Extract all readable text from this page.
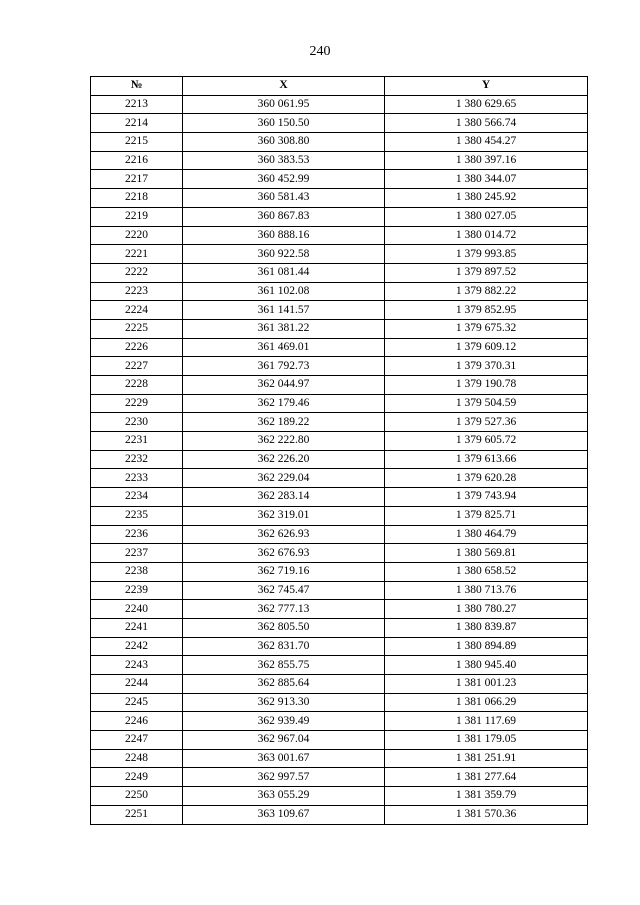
240
№	X	Y
2213	360 061.95	1 380 629.65
2214	360 150.50	1 380 566.74
2215	360 308.80	1 380 454.27
2216	360 383.53	1 380 397.16
2217	360 452.99	1 380 344.07
2218	360 581.43	1 380 245.92
2219	360 867.83	1 380 027.05
2220	360 888.16	1 380 014.72
2221	360 922.58	1 379 993.85
2222	361 081.44	1 379 897.52
2223	361 102.08	1 379 882.22
2224	361 141.57	1 379 852.95
2225	361 381.22	1 379 675.32
2226	361 469.01	1 379 609.12
2227	361 792.73	1 379 370.31
2228	362 044.97	1 379 190.78
2229	362 179.46	1 379 504.59
2230	362 189.22	1 379 527.36
2231	362 222.80	1 379 605.72
2232	362 226.20	1 379 613.66
2233	362 229.04	1 379 620.28
2234	362 283.14	1 379 743.94
2235	362 319.01	1 379 825.71
2236	362 626.93	1 380 464.79
2237	362 676.93	1 380 569.81
2238	362 719.16	1 380 658.52
2239	362 745.47	1 380 713.76
2240	362 777.13	1 380 780.27
2241	362 805.50	1 380 839.87
2242	362 831.70	1 380 894.89
2243	362 855.75	1 380 945.40
2244	362 885.64	1 381 001.23
2245	362 913.30	1 381 066.29
2246	362 939.49	1 381 117.69
2247	362 967.04	1 381 179.05
2248	363 001.67	1 381 251.91
2249	362 997.57	1 381 277.64
2250	363 055.29	1 381 359.79
2251	363 109.67	1 381 570.36
